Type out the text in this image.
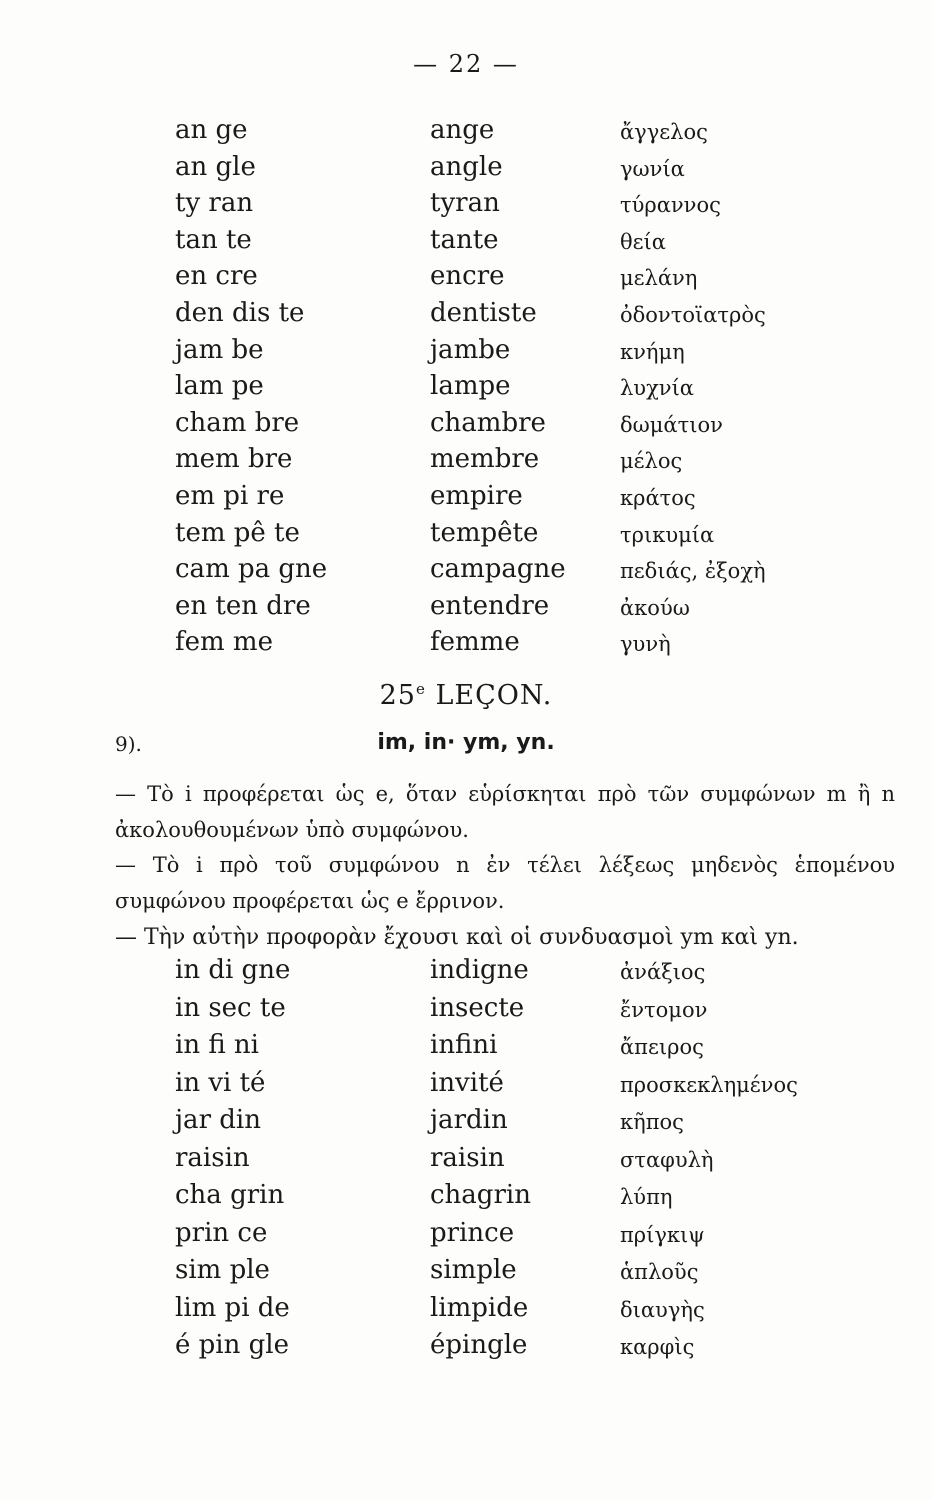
— 22 —
an ge	ange	ἄγγελος
an gle	angle	γωνία
ty ran	tyran	τύραννος
tan te	tante	θεία
en cre	encre	μελάνη
den dis te	dentiste	ὀδοντοϊατρὸς
jam be	jambe	κνήμη
lam pe	lampe	λυχνία
cham bre	chambre	δωμάτιον
mem bre	membre	μέλος
em pi re	empire	κράτος
tem pê te	tempête	τρικυμία
cam pa gne	campagne	πεδιάς, ἐξοχὴ
en ten dre	entendre	ἀκούω
fem me	femme	γυνὴ
25e LEÇON.
9).	im, in· ym, yn.
— Τὸ i προφέρεται ὡς e, ὅταν εὑρίσκηται πρὸ τῶν συμφώνων m ἢ n ἀκολουθουμένων ὑπὸ συμφώνου.
— Τὸ i πρὸ τοῦ συμφώνου n ἐν τέλει λέξεως μηδενὸς ἑπομένου συμφώνου προφέρεται ὡς e ἔρρινον.
— Τὴν αὐτὴν προφορὰν ἔχουσι καὶ οἱ συνδυασμοὶ ym καὶ yn.
in di gne	indigne	ἀνάξιος
in sec te	insecte	ἔντομον
in fi ni	infini	ἄπειρος
in vi té	invité	προσκεκλημένος
jar din	jardin	κῆπος
raisin	raisin	σταφυλὴ
cha grin	chagrin	λύπη
prin ce	prince	πρίγκιψ
sim ple	simple	ἁπλοῦς
lim pi de	limpide	διαυγὴς
é pin gle	épingle	καρφὶς
